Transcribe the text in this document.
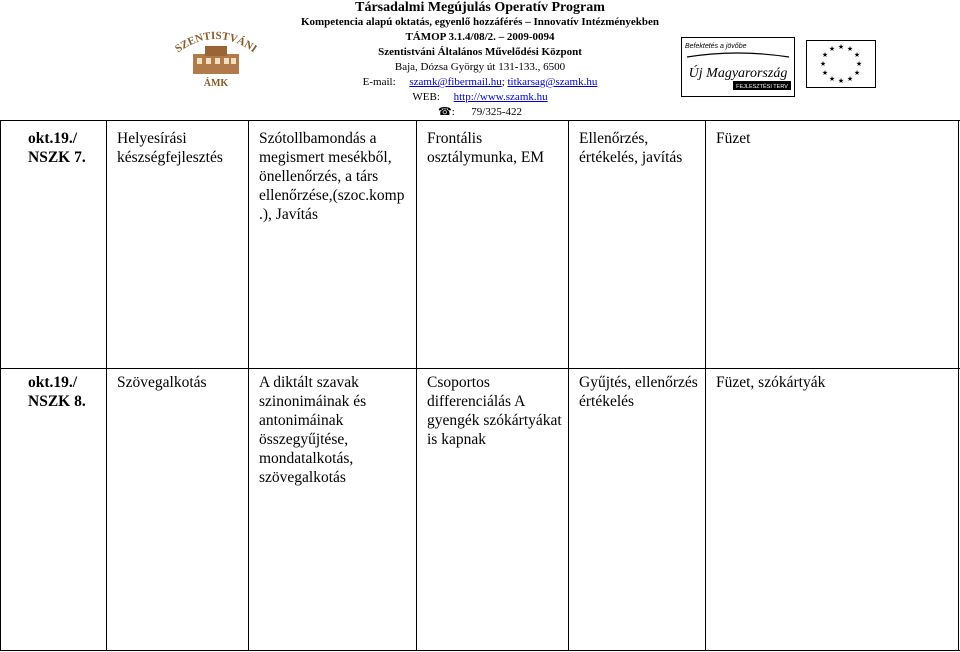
ZENTISTVÁN
ÁMK
Társadalmi Megújulás Operatív Program
Kompetencia alapú oktatás, egyenlő hozzáférés – Innovatív Intézményekben
TÁMOP 3.1.4/08/2. – 2009-0094
Szentistváni Általános Művelődési Központ
Baja, Dózsa György út 131-133., 6500
E-mail: szamk@fibermail.hu; titkarsag@szamk.hu
WEB: http://www.szamk.hu
☎: 79/325-422
Befektetés a jövőbe
Új Magyarország
FEJLESZTÉSI TERV
★ ★
★
★
★
★
★
★
★
★
★
★
okt.19./ NSZK 7.
Helyesírási készségfejlesztés
Szótollbamondás a megismert mesékből, önellenőrzés, a társ ellenőrzése,(szoc.komp .), Javítás
Frontális osztálymunka, EM
Ellenőrzés, értékelés, javítás
Füzet
okt.19./ NSZK 8.
Szövegalkotás	A diktált szavak szinonimáinak és antonimáinak összegyűjtése, mondatalkotás, szövegalkotás
Csoportos differenciálás A gyengék szókártyákat is kapnak
Gyűjtés, ellenőrzés értékelés
Füzet, szókártyák
